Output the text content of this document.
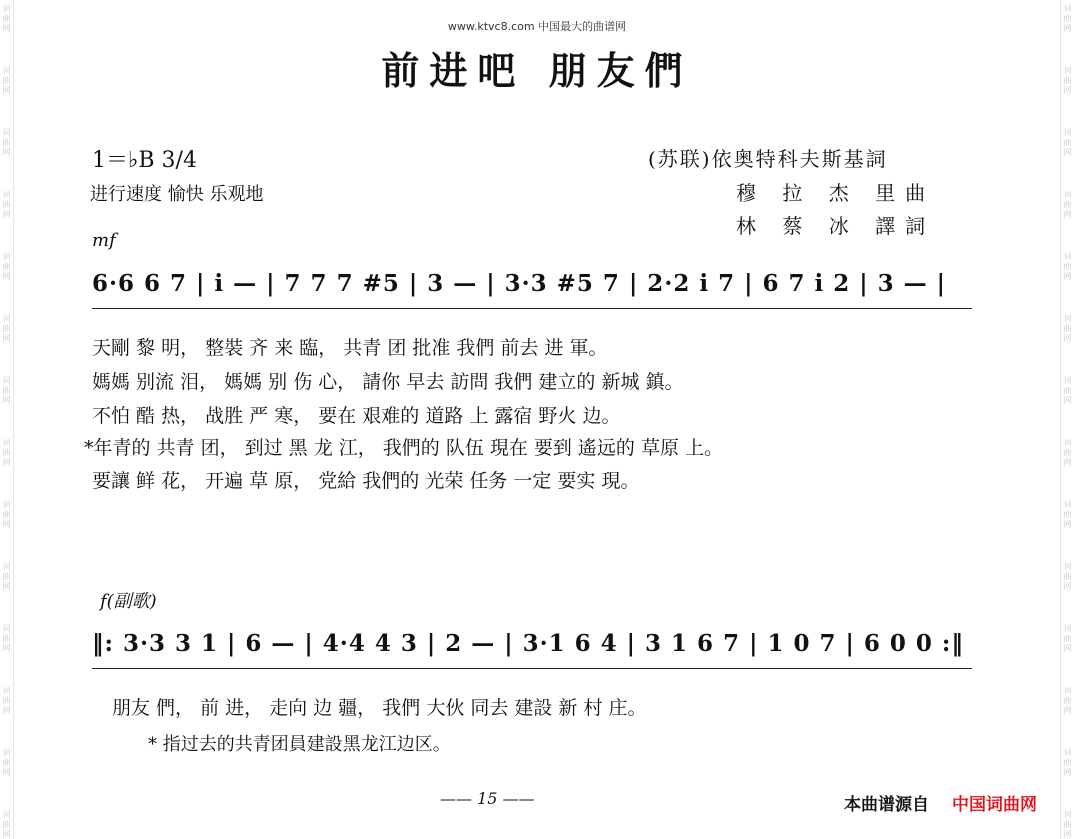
词
曲
网
词
曲
网
词
曲
网
词
曲
网
词
曲
网
词
曲
网
词
曲
网
词
曲
网
词
曲
网
词
曲
网
词
曲
网
词
曲
网
词
曲
网
词
曲
网
词
曲
网
词
曲
网
词
曲
网
词
曲
网
词
曲
网
词
曲
网
词
曲
网
词
曲
网
词
曲
网
词
曲
网
词
曲
网
词
曲
网
词
曲
网
词
曲
网
www.ktvc8.com 中国最大的曲谱网
前进吧 朋友們
1＝♭B 3/4
进行速度 愉快 乐观地
(苏联)依奥特科夫斯基詞
穆 拉 杰 里曲
林 蔡 冰 譯詞
mf
6·6 6 7 | i — | 7 7 7 #5 | 3 — | 3·3 #5 7 | 2·2 i 7 | 6 7 i 2 | 3 — |
天剛 黎 明， 整裝 齐 来 臨， 共青 团 批准 我們 前去 进 軍。
媽媽 别流 泪， 媽媽 别 伤 心， 請你 早去 訪問 我們 建立的 新城 鎮。
不怕 酷 热， 战胜 严 寒， 要在 艰难的 道路 上 露宿 野火 边。
*年青的 共青 团， 到过 黑 龙 江， 我們的 队伍 現在 要到 遙远的 草原 上。
要讓 鲜 花， 开遍 草 原， 党給 我們的 光荣 任务 一定 要实 現。
f(副歌)
‖: 3·3 3 1 | 6 — | 4·4 4 3 | 2 — | 3·1 6 4 | 3 1 6 7 | 1 0 7 | 6 0 0 :‖
朋友 們， 前 进， 走向 边 疆， 我們 大伙 同去 建設 新 村 庄。
* 指过去的共青团員建設黑龙江边区。
—— 15 ——	本曲谱源自 中国词曲网
